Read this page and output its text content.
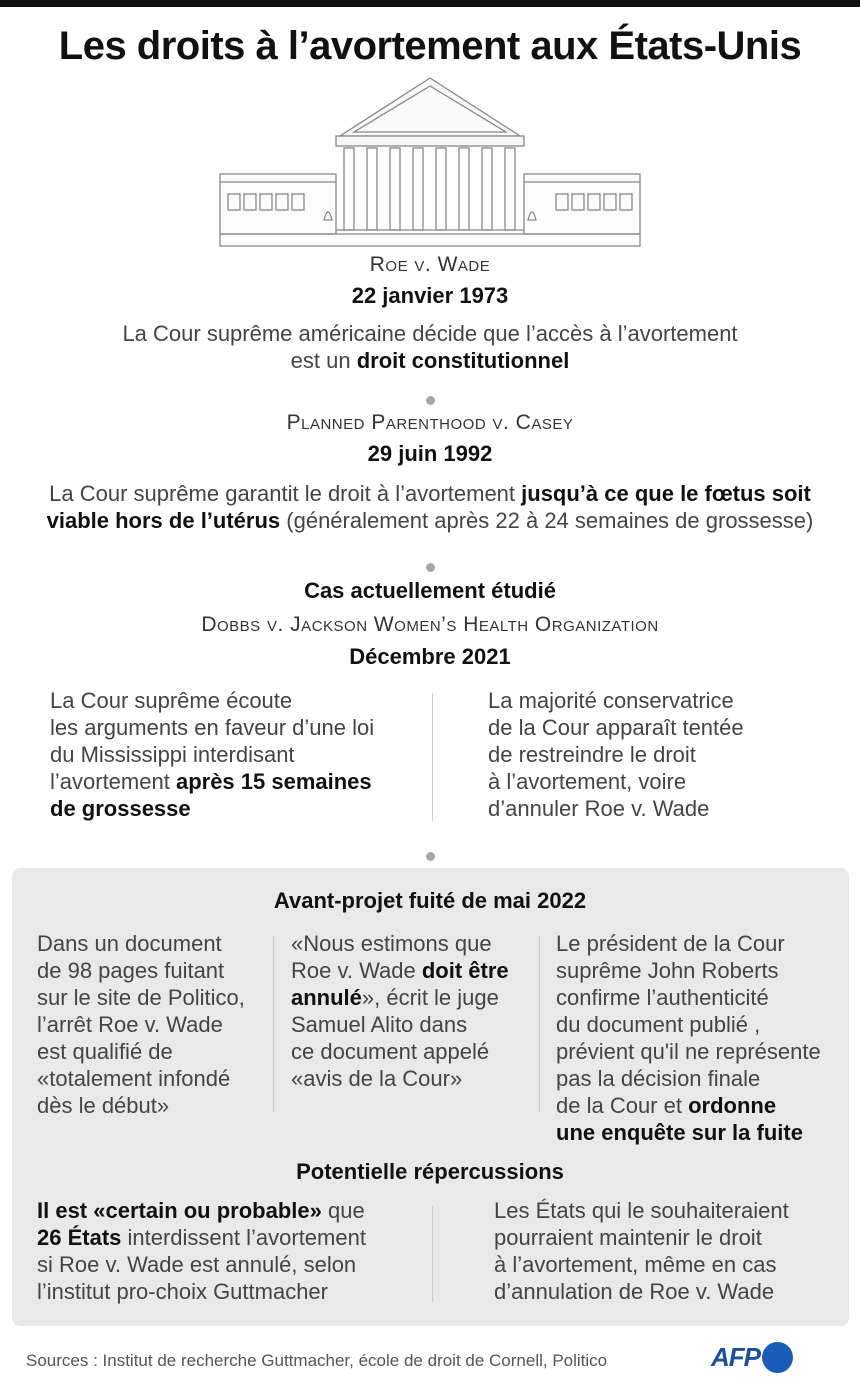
Les droits à l’avortement aux États-Unis
Roe v. Wade
22 janvier 1973
La Cour suprême américaine décide que l’accès à l’avortement
est un droit constitutionnel
Planned Parenthood v. Casey
29 juin 1992
La Cour suprême garantit le droit à l’avortement jusqu’à ce que le fœtus soit
viable hors de l’utérus (généralement après 22 à 24 semaines de grossesse)
Cas actuellement étudié
Dobbs v. Jackson Women’s Health Organization
Décembre 2021
La Cour suprême écoute
les arguments en faveur d’une loi
du Mississippi interdisant
l’avortement après 15 semaines
de grossesse
La majorité conservatrice
de la Cour apparaît tentée
de restreindre le droit
à l’avortement, voire
d’annuler Roe v. Wade
Avant-projet fuité de mai 2022
Dans un document
de 98 pages fuitant
sur le site de Politico,
l’arrêt Roe v. Wade
est qualifié de
«totalement infondé
dès le début»
«Nous estimons que
Roe v. Wade doit être
annulé», écrit le juge
Samuel Alito dans
ce document appelé
«avis de la Cour»
Le président de la Cour
suprême John Roberts
confirme l’authenticité
du document publié ,
prévient qu'il ne représente
pas la décision finale
de la Cour et ordonne
une enquête sur la fuite
Potentielle répercussions
Il est «certain ou probable» que
26 États interdissent l’avortement
si Roe v. Wade est annulé, selon
l’institut pro-choix Guttmacher
Les États qui le souhaiteraient
pourraient maintenir le droit
à l’avortement, même en cas
d’annulation de Roe v. Wade
Sources : Institut de recherche Guttmacher, école de droit de Cornell, Politico	AFP
